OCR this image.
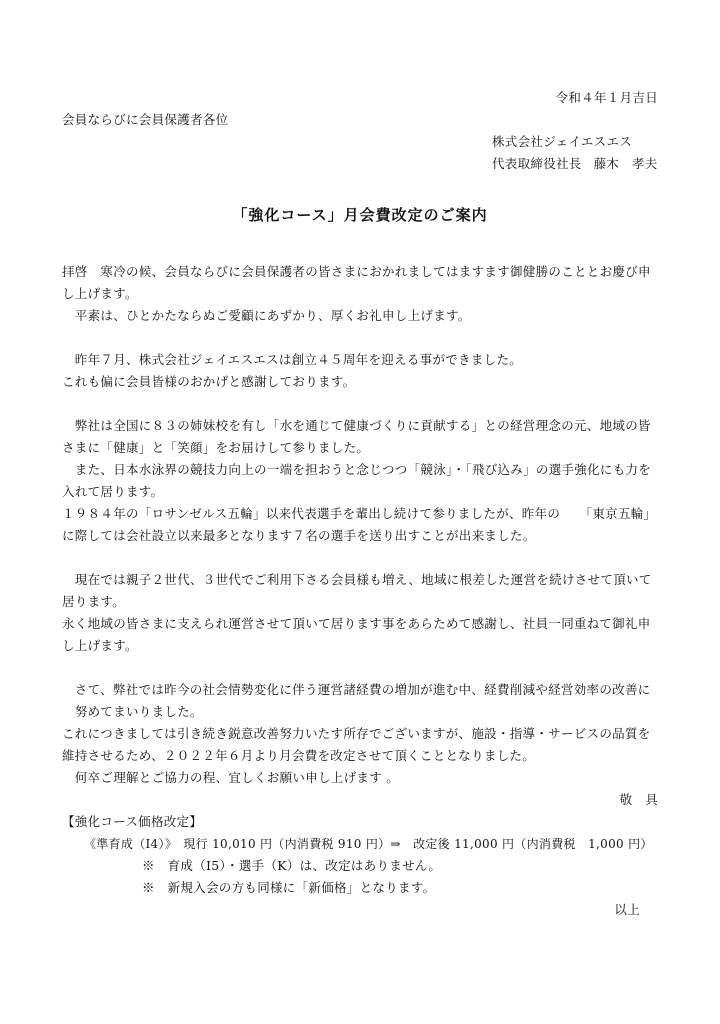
令和４年１月吉日
会員ならびに会員保護者各位
株式会社ジェイエスエス
代表取締役社長 藤木　孝夫
「強化コース」月会費改定のご案内
拝啓　寒冷の候、会員ならびに会員保護者の皆さまにおかれましてはますます御健勝のこととお慶び申
し上げます。
　平素は、ひとかたならぬご愛顧にあずかり、厚くお礼申し上げます。
　昨年７月、株式会社ジェイエスエスは創立４５周年を迎える事ができました。
これも偏に会員皆様のおかげと感謝しております。
　弊社は全国に８３の姉妹校を有し「水を通じて健康づくりに貢献する」との経営理念の元、地域の皆
さまに「健康」と「笑顔」をお届けして参りました。
　また、日本水泳界の競技力向上の一端を担おうと念じつつ「競泳」・「飛び込み」の選手強化にも力を
入れて居ります。
１９８４年の「ロサンゼルス五輪」以来代表選手を輩出し続けて参りましたが、昨年の　　「東京五輪」
に際しては会社設立以来最多となります７名の選手を送り出すことが出来ました。
　現在では親子２世代、３世代でご利用下さる会員様も増え、地域に根差した運営を続けさせて頂いて
居ります。
永く地域の皆さまに支えられ運営させて頂いて居ります事をあらためて感謝し、社員一同重ねて御礼申
し上げます。
　さて、弊社では昨今の社会情勢変化に伴う運営諸経費の増加が進む中、経費削減や経営効率の改善に
　努めてまいりました。
これにつきましては引き続き鋭意改善努力いたす所存でございますが、施設・指導・サービスの品質を
維持させるため、２０２２年６月より月会費を改定させて頂くこととなりました。
　何卒ご理解とご協力の程、宜しくお願い申し上げます 。
敬　具
【強化コース価格改定】
《準育成（I4）》　現行 10,010 円（内消費税 910 円）⇒　改定後 11,000 円（内消費税　1,000 円）
※　育成（I5）・選手（K）は、改定はありません。
※　新規入会の方も同様に「新価格」となります。
以上
